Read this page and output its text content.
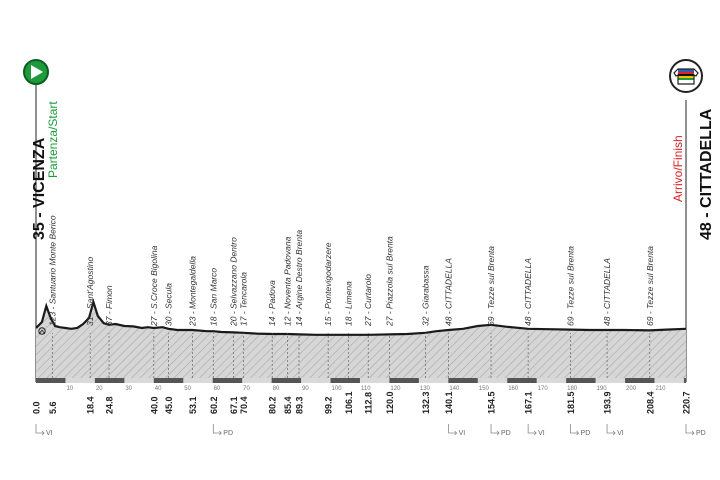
35 - VICENZA
Partenza/Start
48 - CITTADELLA
Arrivo/Finish
123 - Santuario Monte Berico	31 - Sant'Agostino 37 - Fimon	27 - S.Croce Bigolina 30 - Secula 23 - Montegaldella 18 - San Marco 20 - Selvazzano Dentro 17 - Tencarola 14 - Padova 12 - Noventa Padovana 14 - Argine Destro Brenta 15 - Pontevigodarzere 18 - Limena 27 - Curtarolo 27 - Piazzola sul Brenta	32 - Giarabassa 48 - CITTADELLA	69 - Tezze sul Brenta	48 - CITTADELLA	69 - Tezze sul Brenta	48 - CITTADELLA	69 - Tezze sul Brenta
10	20	30	40	50	60	70	80	90	100	110	120	130	140	150	160	170	180	190	200	210
0.0 5.6	18.4 24.8	40.0 45.0 53.1 60.2 67.1 70.4 80.2 85.4 89.3 99.2 106.1 112.8 120.0	132.3 140.1	154.5	167.1	181.5	193.9	208.4	220.7
VI	PD	VI	PD	VI	PD	VI	PD
